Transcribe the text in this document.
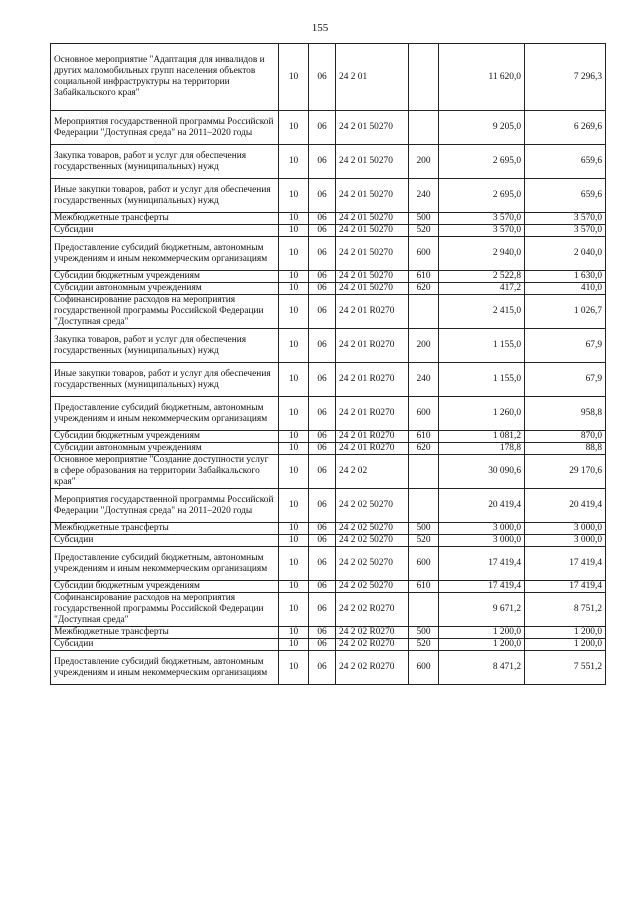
155
Основное мероприятие "Адаптация для инвалидов и других маломобильных групп населения объектов социальной инфраструктуры на территории Забайкальского края"	10	06	24 2 01		11 620,0	7 296,3
Мероприятия государственной программы Российской Федерации "Доступная среда" на 2011–2020 годы	10	06	24 2 01 50270		9 205,0	6 269,6
Закупка товаров, работ и услуг для обеспечения государственных (муниципальных) нужд	10	06	24 2 01 50270	200	2 695,0	659,6
Иные закупки товаров, работ и услуг для обеспечения государственных (муниципальных) нужд	10	06	24 2 01 50270	240	2 695,0	659,6
Межбюджетные трансферты	10	06	24 2 01 50270	500	3 570,0	3 570,0
Субсидии	10	06	24 2 01 50270	520	3 570,0	3 570,0
Предоставление субсидий бюджетным, автономным учреждениям и иным некоммерческим организациям	10	06	24 2 01 50270	600	2 940,0	2 040,0
Субсидии бюджетным учреждениям	10	06	24 2 01 50270	610	2 522,8	1 630,0
Субсидии автономным учреждениям	10	06	24 2 01 50270	620	417,2	410,0
Софинансирование расходов на мероприятия государственной программы Российской Федерации "Доступная среда"	10	06	24 2 01 R0270		2 415,0	1 026,7
Закупка товаров, работ и услуг для обеспечения государственных (муниципальных) нужд	10	06	24 2 01 R0270	200	1 155,0	67,9
Иные закупки товаров, работ и услуг для обеспечения государственных (муниципальных) нужд	10	06	24 2 01 R0270	240	1 155,0	67,9
Предоставление субсидий бюджетным, автономным учреждениям и иным некоммерческим организациям	10	06	24 2 01 R0270	600	1 260,0	958,8
Субсидии бюджетным учреждениям	10	06	24 2 01 R0270	610	1 081,2	870,0
Субсидии автономным учреждениям	10	06	24 2 01 R0270	620	178,8	88,8
Основное мероприятие "Создание доступности услуг в сфере образования на территории Забайкальского края"	10	06	24 2 02		30 090,6	29 170,6
Мероприятия государственной программы Российской Федерации "Доступная среда" на 2011–2020 годы	10	06	24 2 02 50270		20 419,4	20 419,4
Межбюджетные трансферты	10	06	24 2 02 50270	500	3 000,0	3 000,0
Субсидии	10	06	24 2 02 50270	520	3 000,0	3 000,0
Предоставление субсидий бюджетным, автономным учреждениям и иным некоммерческим организациям	10	06	24 2 02 50270	600	17 419,4	17 419,4
Субсидии бюджетным учреждениям	10	06	24 2 02 50270	610	17 419,4	17 419,4
Софинансирование расходов на мероприятия государственной программы Российской Федерации "Доступная среда"	10	06	24 2 02 R0270		9 671,2	8 751,2
Межбюджетные трансферты	10	06	24 2 02 R0270	500	1 200,0	1 200,0
Субсидии	10	06	24 2 02 R0270	520	1 200,0	1 200,0
Предоставление субсидий бюджетным, автономным учреждениям и иным некоммерческим организациям	10	06	24 2 02 R0270	600	8 471,2	7 551,2
